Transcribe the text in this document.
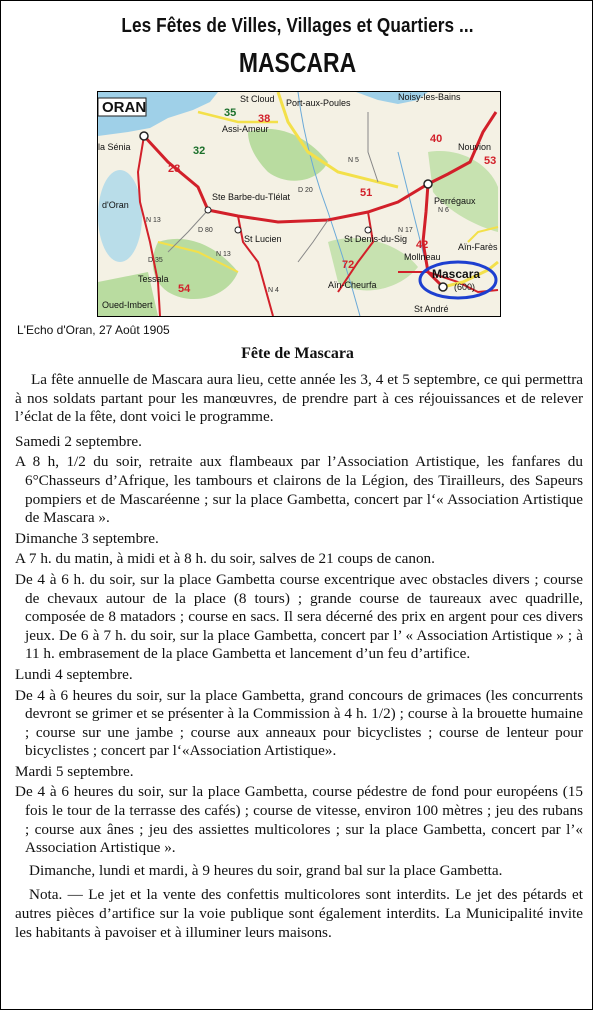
Les Fêtes de Villes, Villages et Quartiers ...
MASCARA
38
28
54
51
72
40
53
42
32
35
N 13
N 17
D 35
N 5
N 6
N 4
D 80
N 13
D 20
ORAN	St Cloud Port-aux-Poules
Assi-Ameur
la Sénia
Ste Barbe-du-Tlélat
St Lucien	St Denis-du-Sig
Perrégaux
Nouvion
Aïn-Farès
Oued-Imbert
Aïn-Cheurfa
Tessala
St André
Noisy-les-Bains
d'Oran
Mollneau
(600)
Mascara
L'Echo d'Oran, 27 Août 1905
Fête de Mascara

La fête annuelle de Mascara aura lieu, cette année les 3, 4 et 5 septembre, ce qui permettra à nos soldats partant pour les manœuvres, de prendre part à ces réjouissances et de relever l’éclat de la fête, dont voici le programme.

Samedi 2 septembre.

A 8 h, 1/2 du soir, retraite aux flambeaux par l’Association Artistique, les fanfares du 6°Chasseurs d’Afrique, les tambours et clairons de la Légion, des Tirailleurs, des Sapeurs pompiers et de Mascaréenne ; sur la place Gambetta, concert par l‘« Association Artistique de Mascara ».

Dimanche 3 septembre.

A 7 h. du matin, à midi et à 8 h. du soir, salves de 21 coups de canon.

De 4 à 6 h. du soir, sur la place Gambetta course excentrique avec obstacles divers ; course de chevaux autour de la place (8 tours) ; grande course de taureaux avec quadrille, composée de 8 matadors ; course en sacs. Il sera décerné des prix en argent pour ces divers jeux. De 6 à 7 h. du soir, sur la place Gambetta, concert par l’ « Association Artistique » ; à 11 h. embrasement de la place Gambetta et lancement d’un feu d’artifice.

Lundi 4 septembre.

De 4 à 6 heures du soir, sur la place Gambetta, grand concours de grimaces (les concurrents devront se grimer et se présenter à la Commission à 4 h. 1/2) ; course à la brouette humaine ; course sur une jambe ; course aux anneaux pour bicyclistes ; course de lenteur pour bicyclistes ; concert par l‘«Association Artistique».

Mardi 5 septembre.

De 4 à 6 heures du soir, sur la place Gambetta, course pédestre de fond pour européens (15 fois le tour de la terrasse des cafés) ; course de vitesse, environ 100 mètres ; jeu des rubans ; course aux ânes ; jeu des assiettes multicolores ; sur la place Gambetta, concert par l’« Association Artistique ».

Dimanche, lundi et mardi, à 9 heures du soir, grand bal sur la place Gambetta.

Nota. — Le jet et la vente des confettis multicolores sont interdits. Le jet des pétards et autres pièces d’artifice sur la voie publique sont également interdits. La Municipalité invite les habitants à pavoiser et à illuminer leurs maisons.
